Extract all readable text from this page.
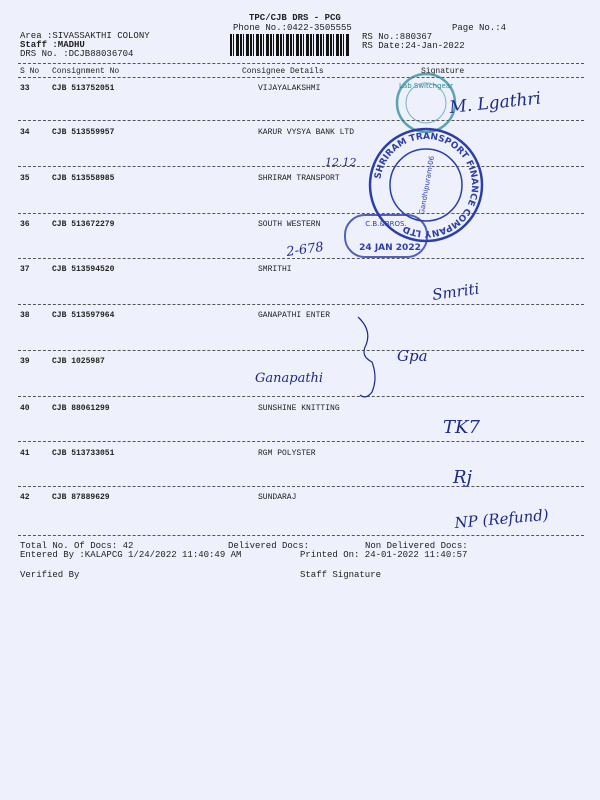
TPC/CJB DRS - PCG
Phone No.:0422-3505555	Page No.:4
Area :SIVASSAKTHI COLONY
Staff :MADHU
DRS No. :DCJB88036704
RS No.:880367
RS Date:24-Jan-2022
S No Consignment No	Consignee Details	Signature
33	CJB 513752051	VIJAYALAKSHMI
34	CJB 513559957	KARUR VYSYA BANK LTD
35	CJB 513558985	SHRIRAM TRANSPORT
36	CJB 513672279	SOUTH WESTERN
37	CJB 513594520	SMRITHI
38	CJB 513597964	GANAPATHI ENTER
39	CJB 1025987
40	CJB 88061299	SUNSHINE KNITTING
41	CJB 513733051	RGM POLYSTER
42	CJB 87889629	SUNDARAJ
Total No. Of Docs: 42	Delivered Docs:	Non Delivered Docs:
Entered By :KALAPCG 1/24/2022 11:40:49 AM	Printed On: 24-01-2022 11:40:57
Verified By	Staff Signature
Lab Switchgear
SHRIRAM TRANSPORT FINANCE COMPANY LTD
Gandhipuram-06
C.B.&BROS.
24 JAN 2022
M. Lgathri
12.12
2-678
Smriti
Ganapathi
Gpa
TK7
Rj
NP (Refund)
